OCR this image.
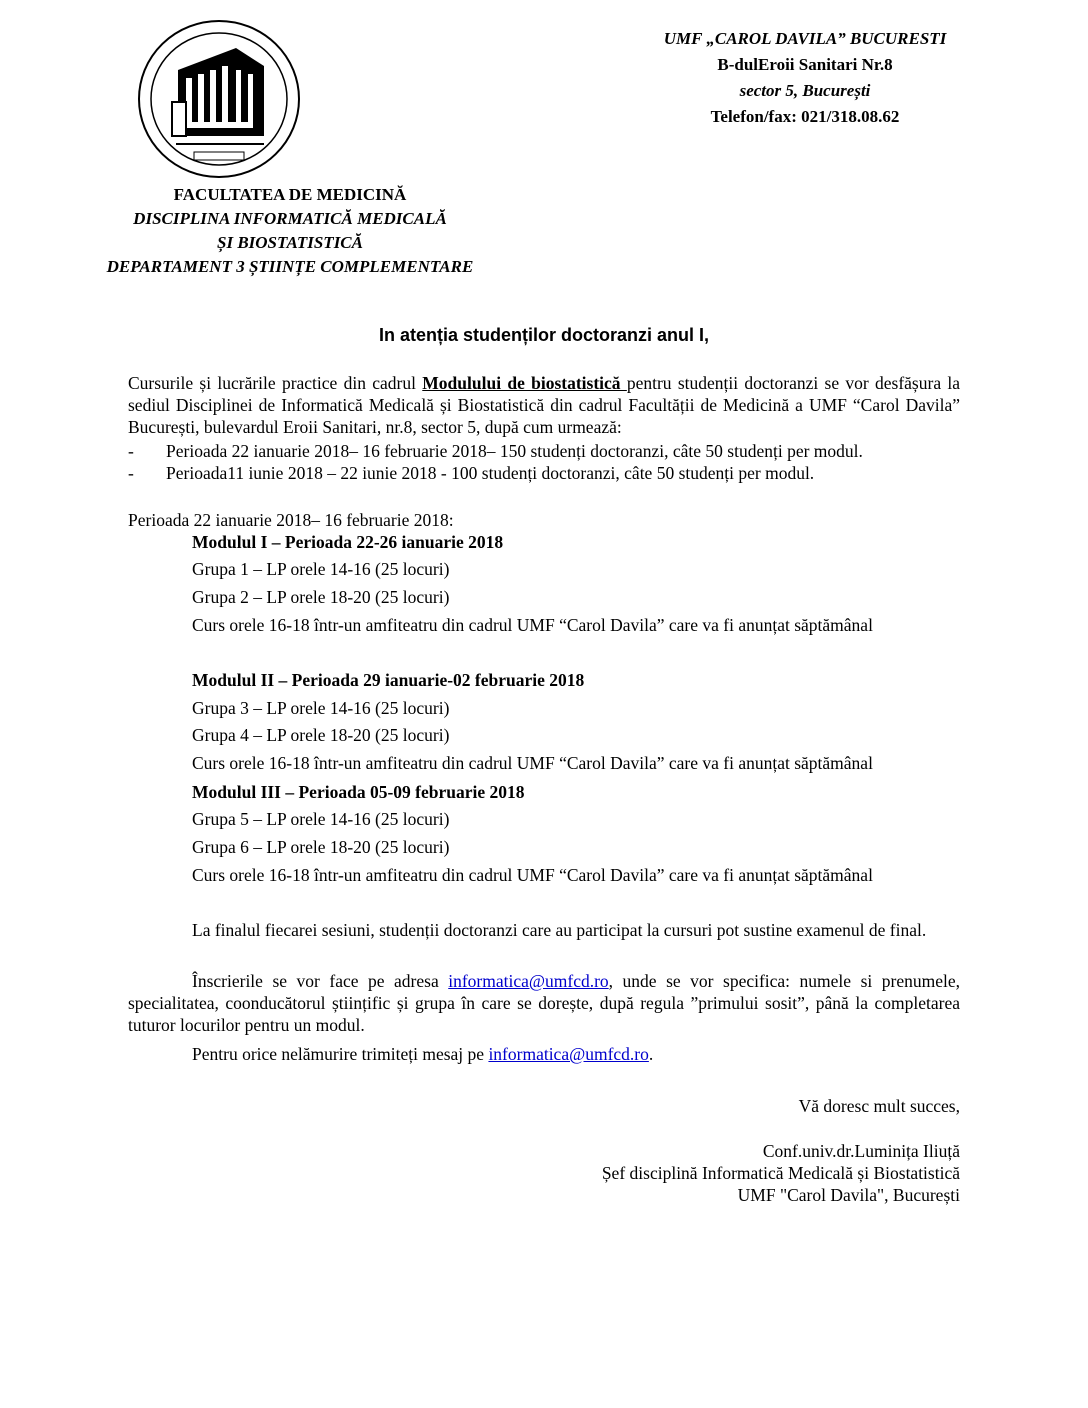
UMF „CAROL DAVILA” BUCURESTI
B-dulEroii Sanitari Nr.8
sector 5, București
Telefon/fax: 021/318.08.62
FACULTATEA DE MEDICINĂ
DISCIPLINA INFORMATICĂ MEDICALĂ
ȘI BIOSTATISTICĂ
DEPARTAMENT 3 ȘTIINȚE COMPLEMENTARE
In atenția studenților doctoranzi anul I,
Cursurile și lucrările practice din cadrul Modulului de biostatistică pentru studenții doctoranzi se vor desfășura la sediul Disciplinei de Informatică Medicală și Biostatistică din cadrul Facultății de Medicină a UMF “Carol Davila” București, bulevardul Eroii Sanitari, nr.8, sector 5, după cum urmează:
- Perioada 22 ianuarie 2018– 16 februarie 2018– 150 studenți doctoranzi, câte 50 studenți per modul.
- Perioada11 iunie 2018 – 22 iunie 2018 - 100 studenți doctoranzi, câte 50 studenți per modul.
Perioada 22 ianuarie 2018– 16 februarie 2018:
Modulul I – Perioada 22-26 ianuarie 2018
Grupa 1 – LP orele 14-16 (25 locuri)
Grupa 2 – LP orele 18-20 (25 locuri)
Curs orele 16-18 într-un amfiteatru din cadrul UMF “Carol Davila” care va fi anunțat săptămânal
Modulul II – Perioada 29 ianuarie-02 februarie 2018
Grupa 3 – LP orele 14-16 (25 locuri)
Grupa 4 – LP orele 18-20 (25 locuri)
Curs orele 16-18 într-un amfiteatru din cadrul UMF “Carol Davila” care va fi anunțat săptămânal
Modulul III – Perioada 05-09 februarie 2018
Grupa 5 – LP orele 14-16 (25 locuri)
Grupa 6 – LP orele 18-20 (25 locuri)
Curs orele 16-18 într-un amfiteatru din cadrul UMF “Carol Davila” care va fi anunțat săptămânal
La finalul fiecarei sesiuni, studenții doctoranzi care au participat la cursuri pot sustine examenul de final.
Înscrierile se vor face pe adresa informatica@umfcd.ro, unde se vor specifica: numele si prenumele, specialitatea, coonducătorul științific și grupa în care se dorește, după regula ”primului sosit”, până la completarea tuturor locurilor pentru un modul.
Pentru orice nelămurire trimiteți mesaj pe informatica@umfcd.ro.
Vă doresc mult succes,
Conf.univ.dr.Luminița Iliuță
Șef disciplină Informatică Medicală și Biostatistică
UMF "Carol Davila", București
